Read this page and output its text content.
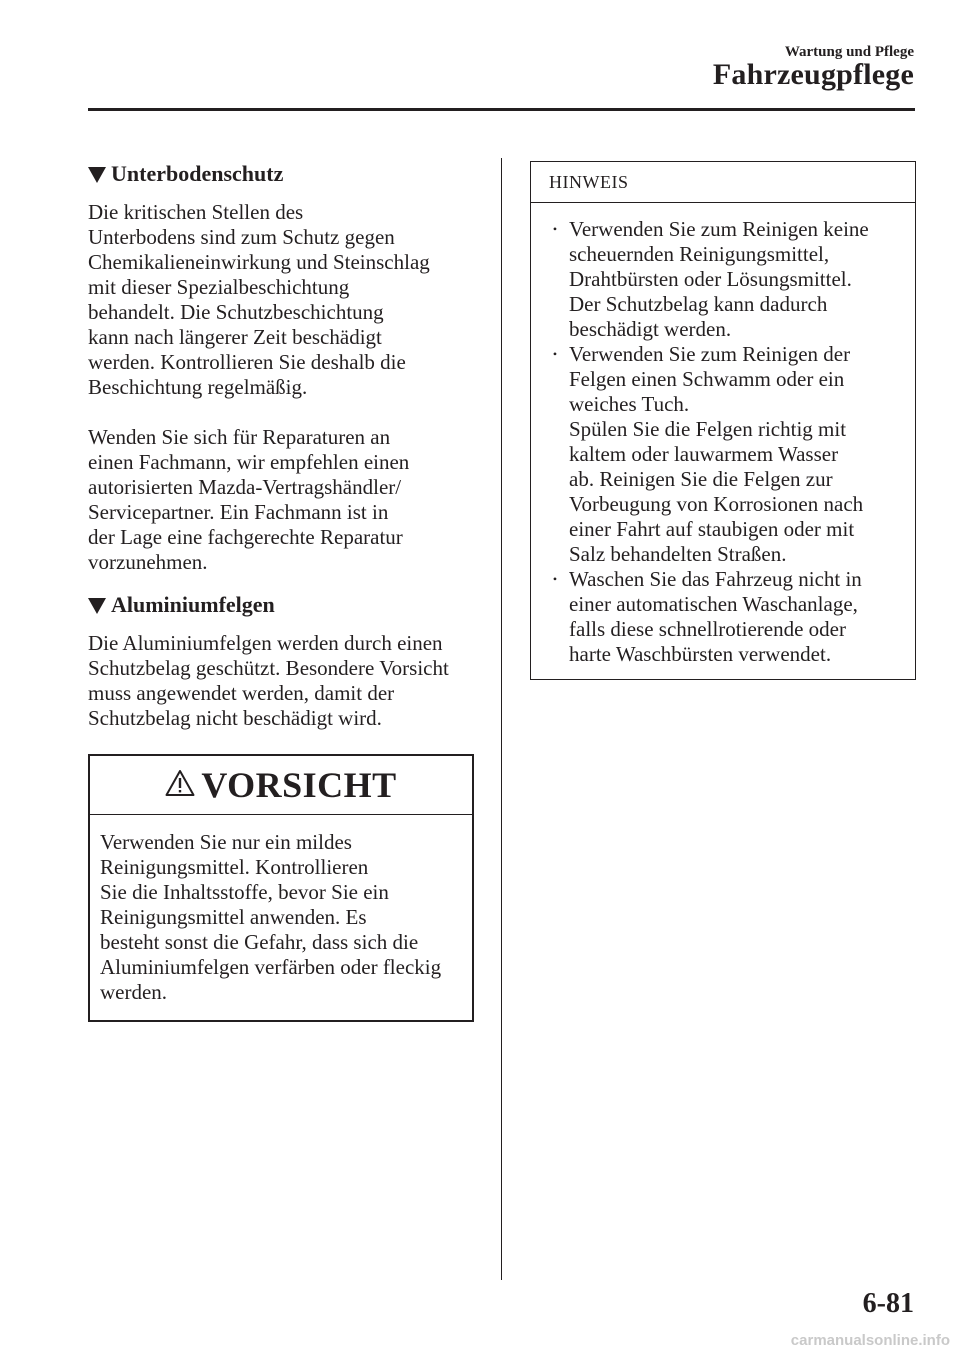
Wartung und Pflege
Fahrzeugpflege
Unterbodenschutz

Die kritischen Stellen des
Unterbodens sind zum Schutz gegen
Chemikalieneinwirkung und Steinschlag
mit dieser Spezialbeschichtung
behandelt. Die Schutzbeschichtung
kann nach längerer Zeit beschädigt
werden. Kontrollieren Sie deshalb die
Beschichtung regelmäßig.

Wenden Sie sich für Reparaturen an
einen Fachmann, wir empfehlen einen
autorisierten Mazda-Vertragshändler/
Servicepartner. Ein Fachmann ist in
der Lage eine fachgerechte Reparatur
vorzunehmen.

Aluminiumfelgen

Die Aluminiumfelgen werden durch einen
Schutzbelag geschützt. Besondere Vorsicht
muss angewendet werden, damit der
Schutzbelag nicht beschädigt wird.

VORSICHT

Verwenden Sie nur ein mildes
Reinigungsmittel. Kontrollieren
Sie die Inhaltsstoffe, bevor Sie ein
Reinigungsmittel anwenden. Es
besteht sonst die Gefahr, dass sich die
Aluminiumfelgen verfärben oder fleckig
werden.

HINWEIS
• Verwenden Sie zum Reinigen keine
scheuernden Reinigungsmittel,
Drahtbürsten oder Lösungsmittel.
Der Schutzbelag kann dadurch
beschädigt werden.
• Verwenden Sie zum Reinigen der
Felgen einen Schwamm oder ein
weiches Tuch.
Spülen Sie die Felgen richtig mit
kaltem oder lauwarmem Wasser
ab. Reinigen Sie die Felgen zur
Vorbeugung von Korrosionen nach
einer Fahrt auf staubigen oder mit
Salz behandelten Straßen.
• Waschen Sie das Fahrzeug nicht in
einer automatischen Waschanlage,
falls diese schnellrotierende oder
harte Waschbürsten verwendet.
6-81
carmanualsonline.info
